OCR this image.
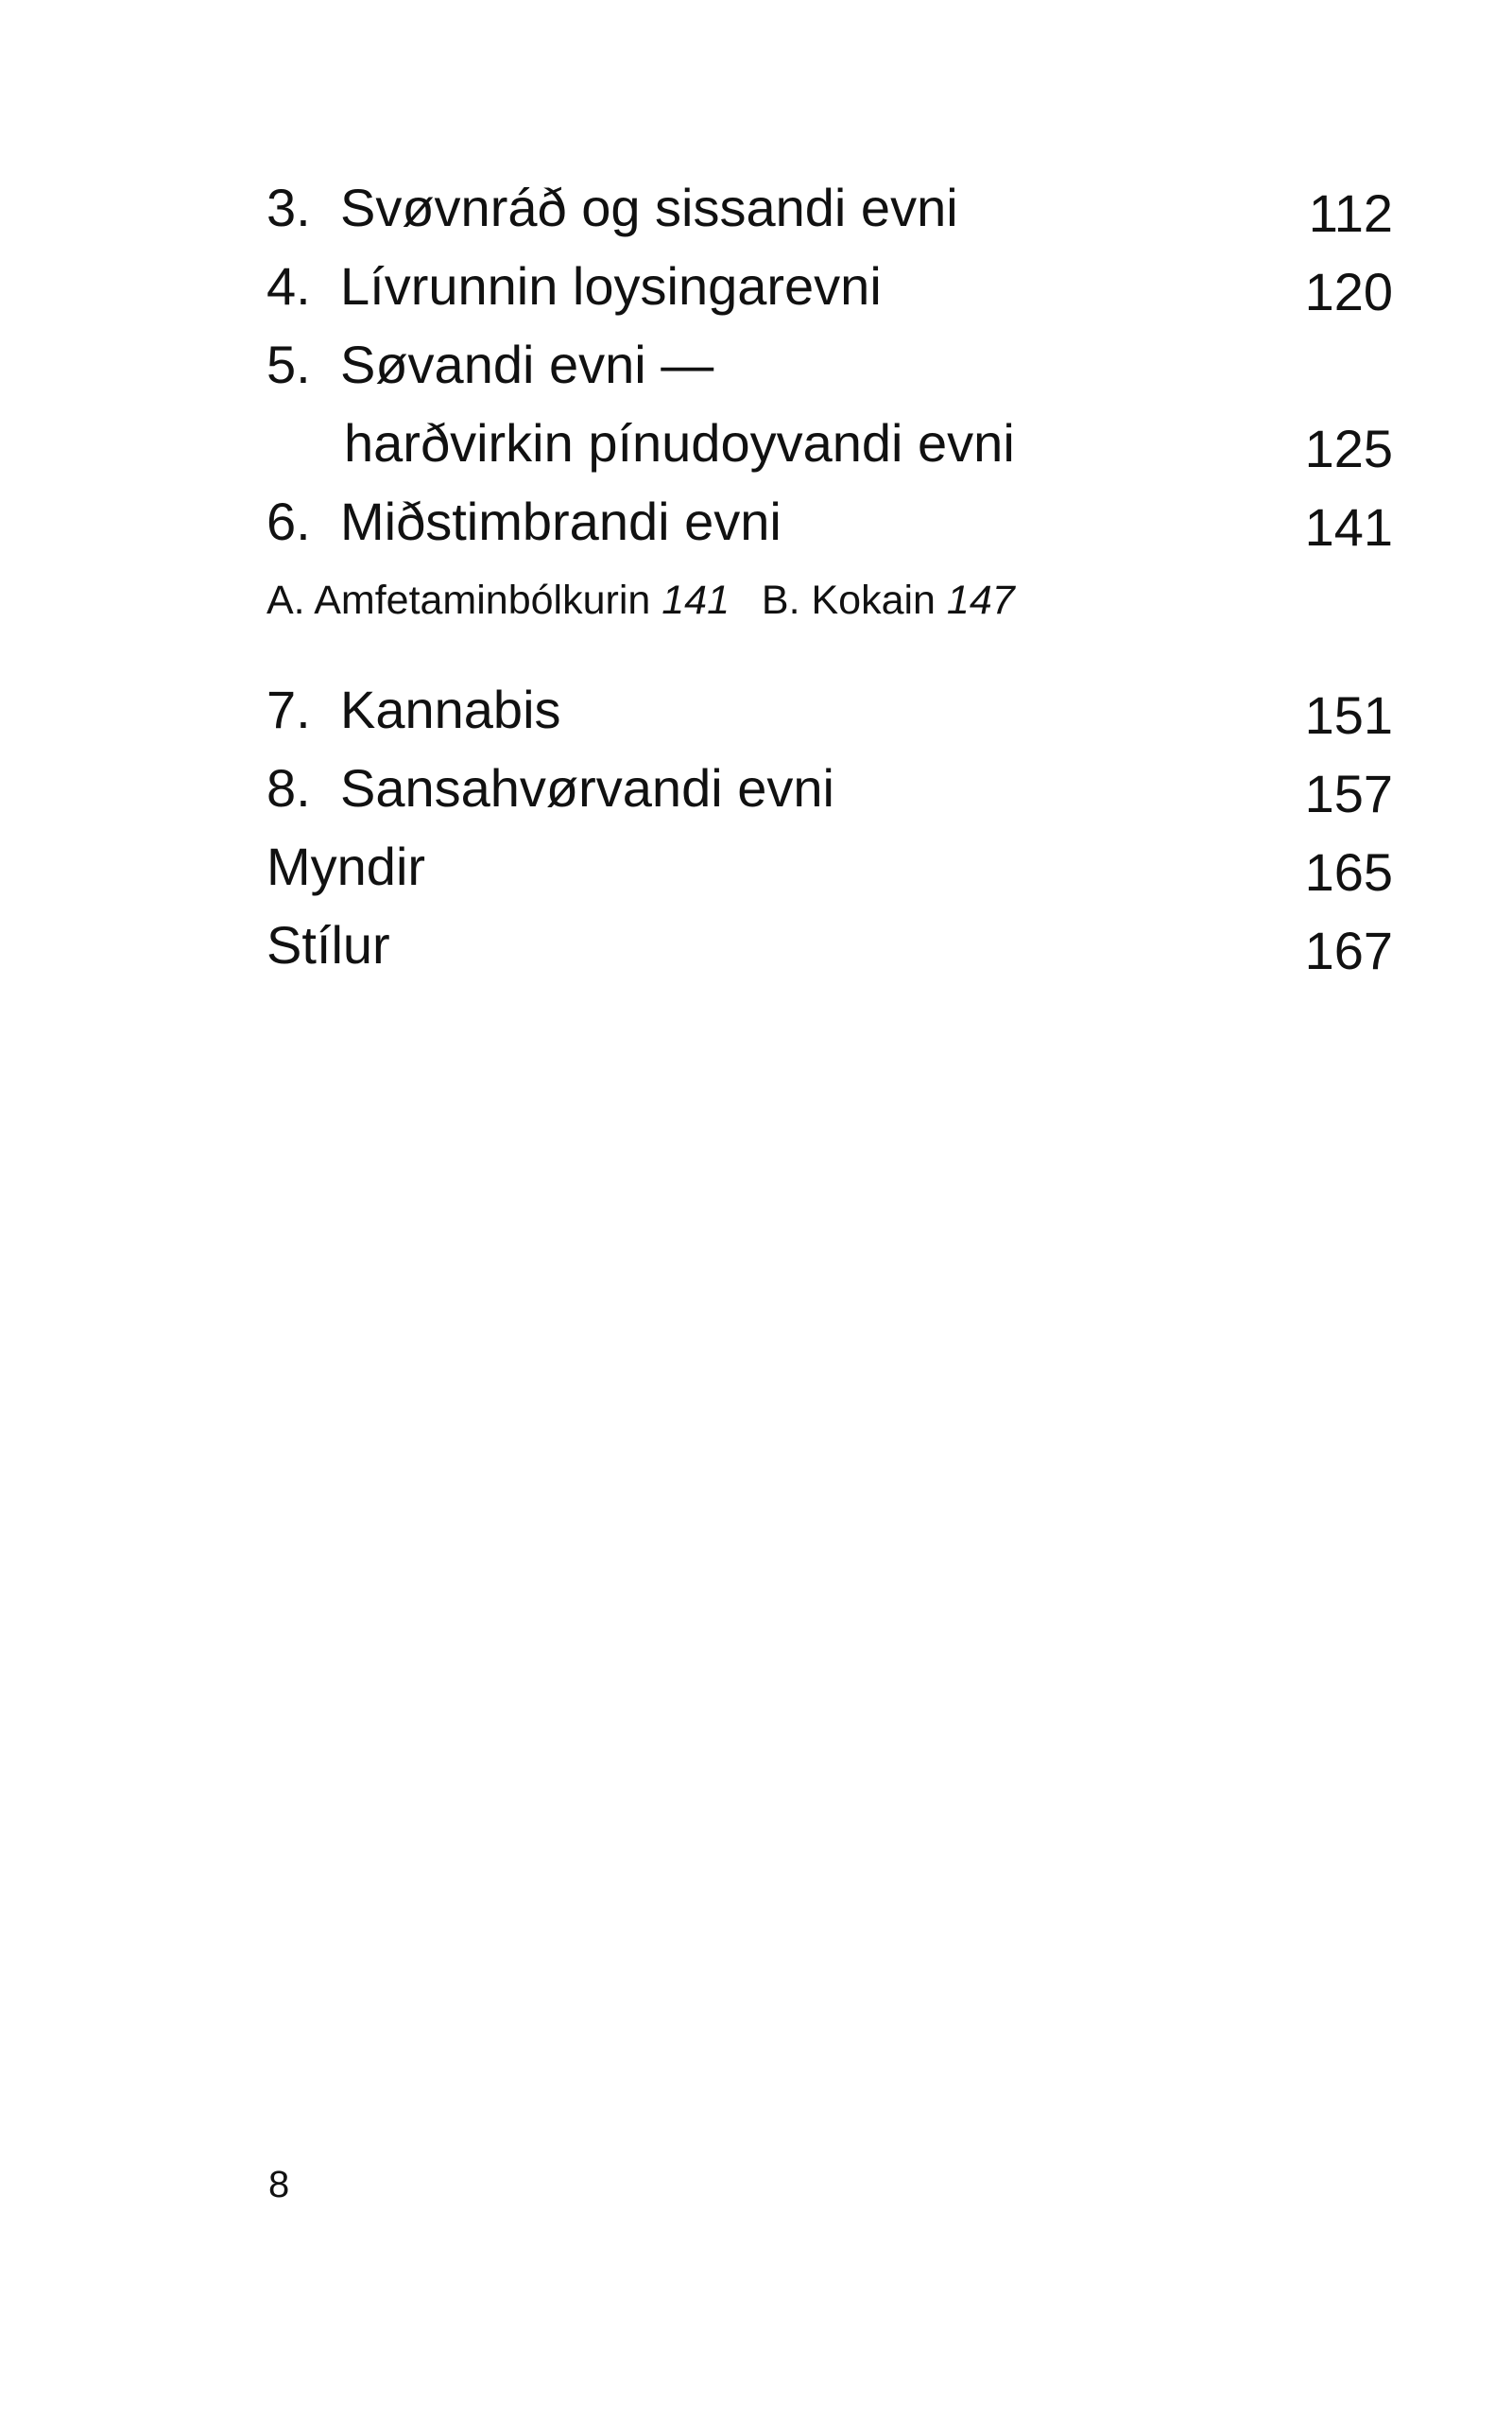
3. Svøvnráð og sissandi evni	112
4. Lívrunnin loysingarevni	120
5. Søvandi evni —
harðvirkin pínudoyvandi evni	125
6. Miðstimbrandi evni	141
A. Amfetaminbólkurin 141 B. Kokain 147
7. Kannabis	151
8. Sansahvørvandi evni	157
Myndir	165
Stílur	167
8
